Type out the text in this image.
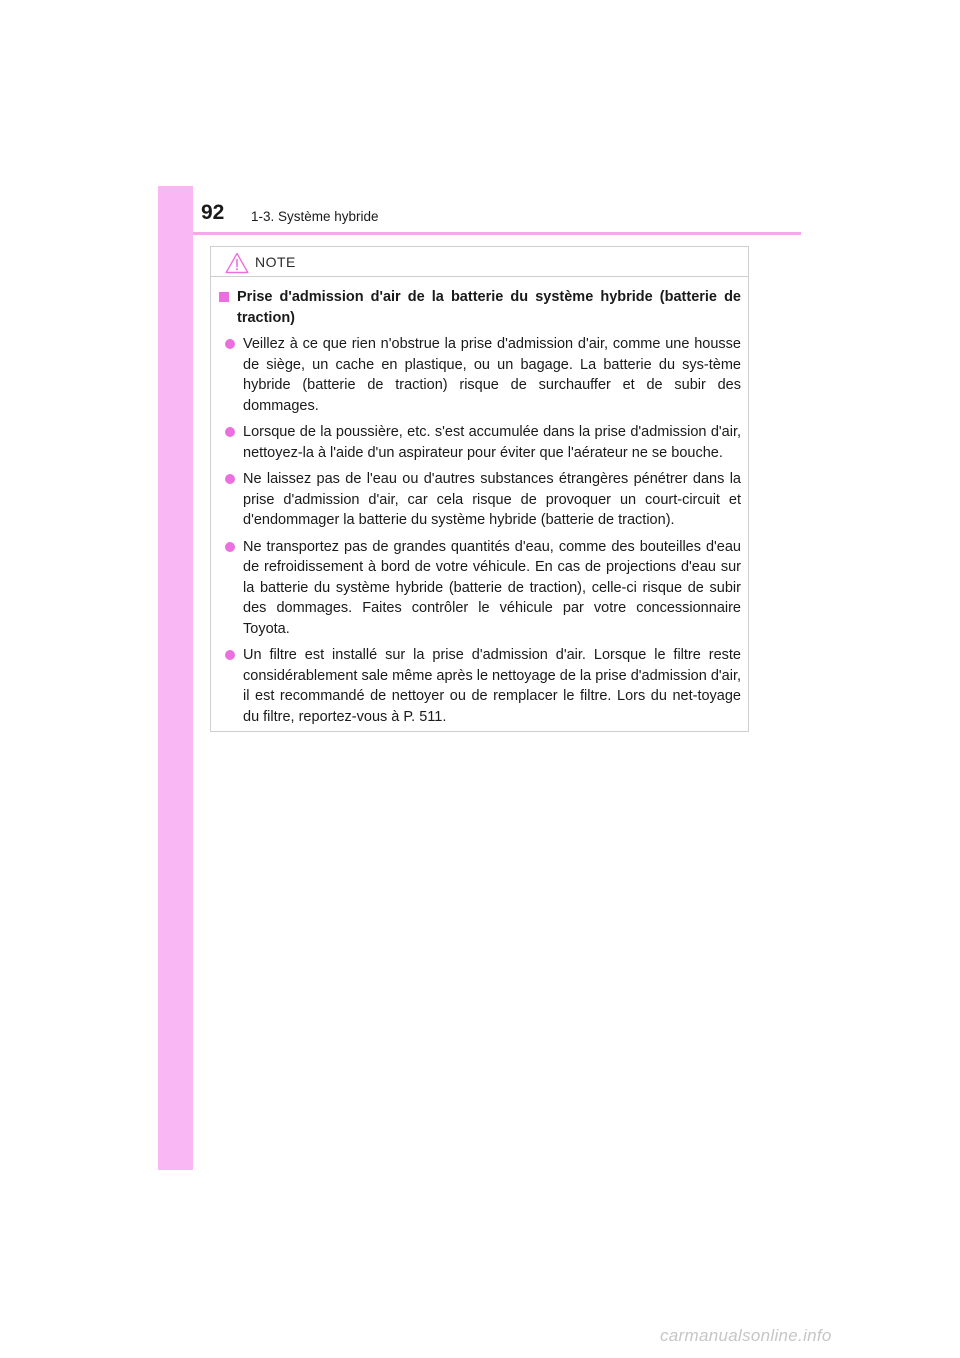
92 1-3. Système hybride
NOTE
Prise d'admission d'air de la batterie du système hybride (batterie de traction)
Veillez à ce que rien n'obstrue la prise d'admission d'air, comme une housse de siège, un cache en plastique, ou un bagage. La batterie du sys-tème hybride (batterie de traction) risque de surchauffer et de subir des dommages.
Lorsque de la poussière, etc. s'est accumulée dans la prise d'admission d'air, nettoyez-la à l'aide d'un aspirateur pour éviter que l'aérateur ne se bouche.
Ne laissez pas de l'eau ou d'autres substances étrangères pénétrer dans la prise d'admission d'air, car cela risque de provoquer un court-circuit et d'endommager la batterie du système hybride (batterie de traction).
Ne transportez pas de grandes quantités d'eau, comme des bouteilles d'eau de refroidissement à bord de votre véhicule. En cas de projections d'eau sur la batterie du système hybride (batterie de traction), celle-ci risque de subir des dommages. Faites contrôler le véhicule par votre concessionnaire Toyota.
Un filtre est installé sur la prise d'admission d'air. Lorsque le filtre reste considérablement sale même après le nettoyage de la prise d'admission d'air, il est recommandé de nettoyer ou de remplacer le filtre. Lors du net-toyage du filtre, reportez-vous à P. 511.
carmanualsonline.info
